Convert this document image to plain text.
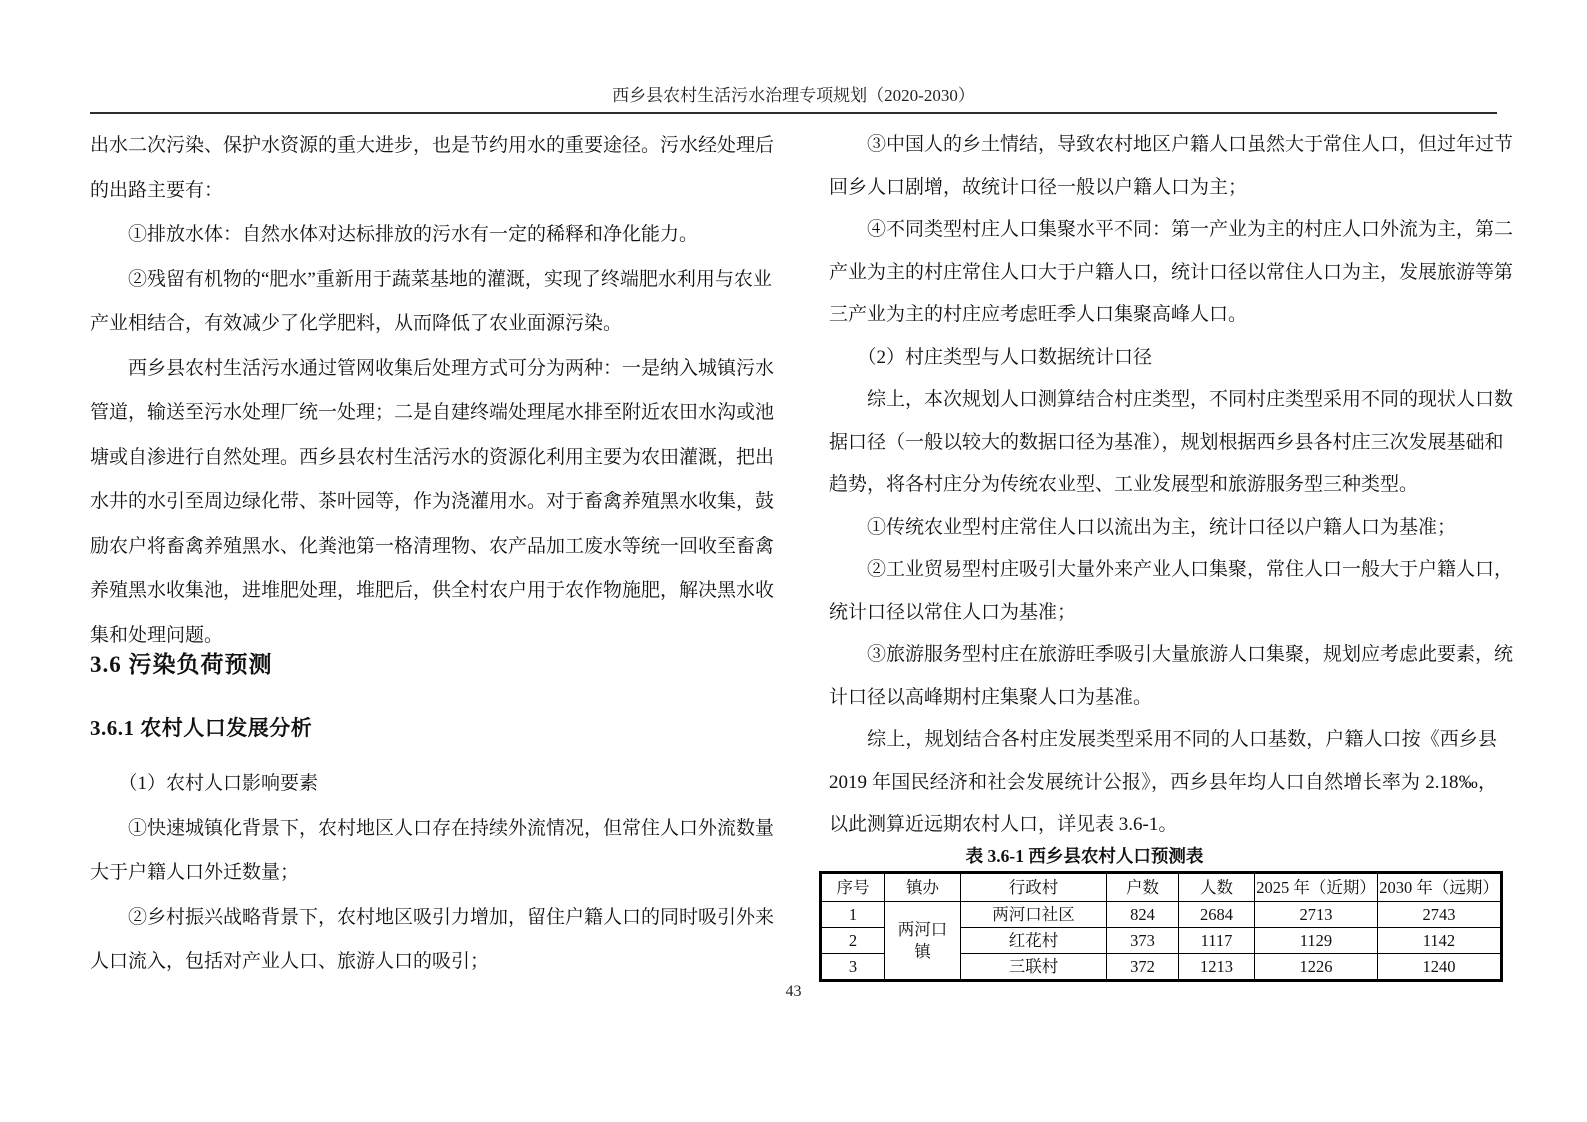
西乡县农村生活污水治理专项规划（2020-2030）
出水二次污染、保护水资源的重大进步，也是节约用水的重要途径。污水经处理后
的出路主要有：
　　①排放水体：自然水体对达标排放的污水有一定的稀释和净化能力。
　　②残留有机物的“肥水”重新用于蔬菜基地的灌溉，实现了终端肥水利用与农业
产业相结合，有效减少了化学肥料，从而降低了农业面源污染。
　　西乡县农村生活污水通过管网收集后处理方式可分为两种：一是纳入城镇污水
管道，输送至污水处理厂统一处理；二是自建终端处理尾水排至附近农田水沟或池
塘或自渗进行自然处理。西乡县农村生活污水的资源化利用主要为农田灌溉，把出
水井的水引至周边绿化带、茶叶园等，作为浇灌用水。对于畜禽养殖黑水收集，鼓
励农户将畜禽养殖黑水、化粪池第一格清理物、农产品加工废水等统一回收至畜禽
养殖黑水收集池，进堆肥处理，堆肥后，供全村农户用于农作物施肥，解决黑水收
集和处理问题。
3.6 污染负荷预测
3.6.1 农村人口发展分析
　　（1）农村人口影响要素
　　①快速城镇化背景下，农村地区人口存在持续外流情况，但常住人口外流数量
大于户籍人口外迁数量；
　　②乡村振兴战略背景下，农村地区吸引力增加，留住户籍人口的同时吸引外来
人口流入，包括对产业人口、旅游人口的吸引；
　　③中国人的乡土情结，导致农村地区户籍人口虽然大于常住人口，但过年过节
回乡人口剧增，故统计口径一般以户籍人口为主；
　　④不同类型村庄人口集聚水平不同：第一产业为主的村庄人口外流为主，第二
产业为主的村庄常住人口大于户籍人口，统计口径以常住人口为主，发展旅游等第
三产业为主的村庄应考虑旺季人口集聚高峰人口。
　　（2）村庄类型与人口数据统计口径
　　综上，本次规划人口测算结合村庄类型，不同村庄类型采用不同的现状人口数
据口径（一般以较大的数据口径为基准），规划根据西乡县各村庄三次发展基础和
趋势，将各村庄分为传统农业型、工业发展型和旅游服务型三种类型。
　　①传统农业型村庄常住人口以流出为主，统计口径以户籍人口为基准；
　　②工业贸易型村庄吸引大量外来产业人口集聚，常住人口一般大于户籍人口，
统计口径以常住人口为基准；
　　③旅游服务型村庄在旅游旺季吸引大量旅游人口集聚，规划应考虑此要素，统
计口径以高峰期村庄集聚人口为基准。
　　综上，规划结合各村庄发展类型采用不同的人口基数，户籍人口按《西乡县
2019 年国民经济和社会发展统计公报》，西乡县年均人口自然增长率为 2.18‰，
以此测算近远期农村人口，详见表 3.6-1。
表 3.6-1 西乡县农村人口预测表
序号	镇办	行政村	户数	人数	2025 年（近期）	2030 年（远期）
1	两河口
镇	两河口社区	824	2684	2713	2743
2		红花村	373	1117	1129	1142
3		三联村	372	1213	1226	1240
43
